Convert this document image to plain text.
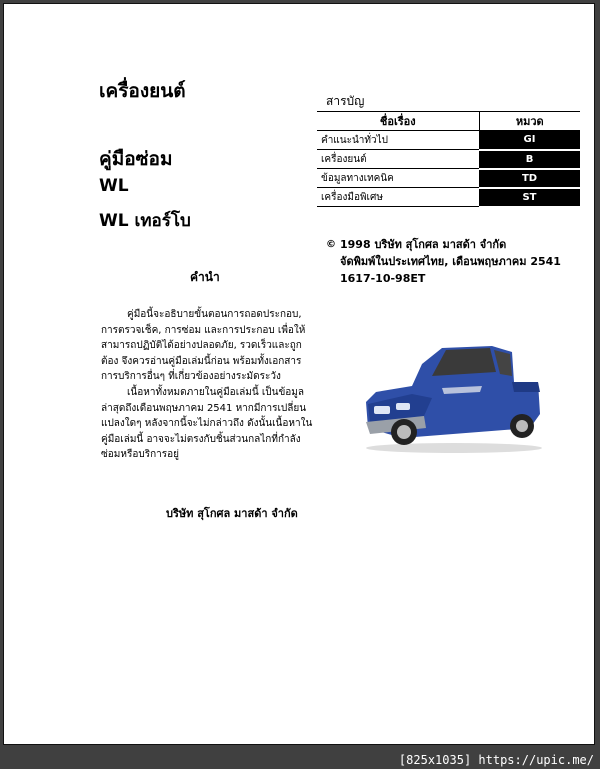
เครื่องยนต์
คู่มือซ่อม
WL
WL เทอร์โบ
สารบัญ
ชื่อเรื่อง	หมวด
คำแนะนำทั่วไป	GI
เครื่องยนต์	B
ข้อมูลทางเทคนิค	TD
เครื่องมือพิเศษ	ST
© 1998 บริษัท สุโกศล มาสด้า จำกัด
จัดพิมพ์ในประเทศไทย, เดือนพฤษภาคม 2541
1617-10-98ET
คำนำ

คู่มือนี้จะอธิบายขั้นตอนการถอดประกอบ, การตรวจเช็ค, การซ่อม และการประกอบ เพื่อให้สามารถปฏิบัติได้อย่างปลอดภัย, รวดเร็วและถูกต้อง จึงควรอ่านคู่มือเล่มนี้ก่อน พร้อมทั้งเอกสารการบริการอื่นๆ ที่เกี่ยวข้องอย่างระมัดระวัง

เนื้อหาทั้งหมดภายในคู่มือเล่มนี้ เป็นข้อมูลล่าสุดถึงเดือนพฤษภาคม 2541 หากมีการเปลี่ยนแปลงใดๆ หลังจากนี้จะไม่กล่าวถึง ดังนั้นเนื้อหาในคู่มือเล่มนี้ อาจจะไม่ตรงกับชิ้นส่วนกลไกที่กำลังซ่อมหรือบริการอยู่

บริษัท สุโกศล มาสด้า จำกัด
[825x1035] https://upic.me/
